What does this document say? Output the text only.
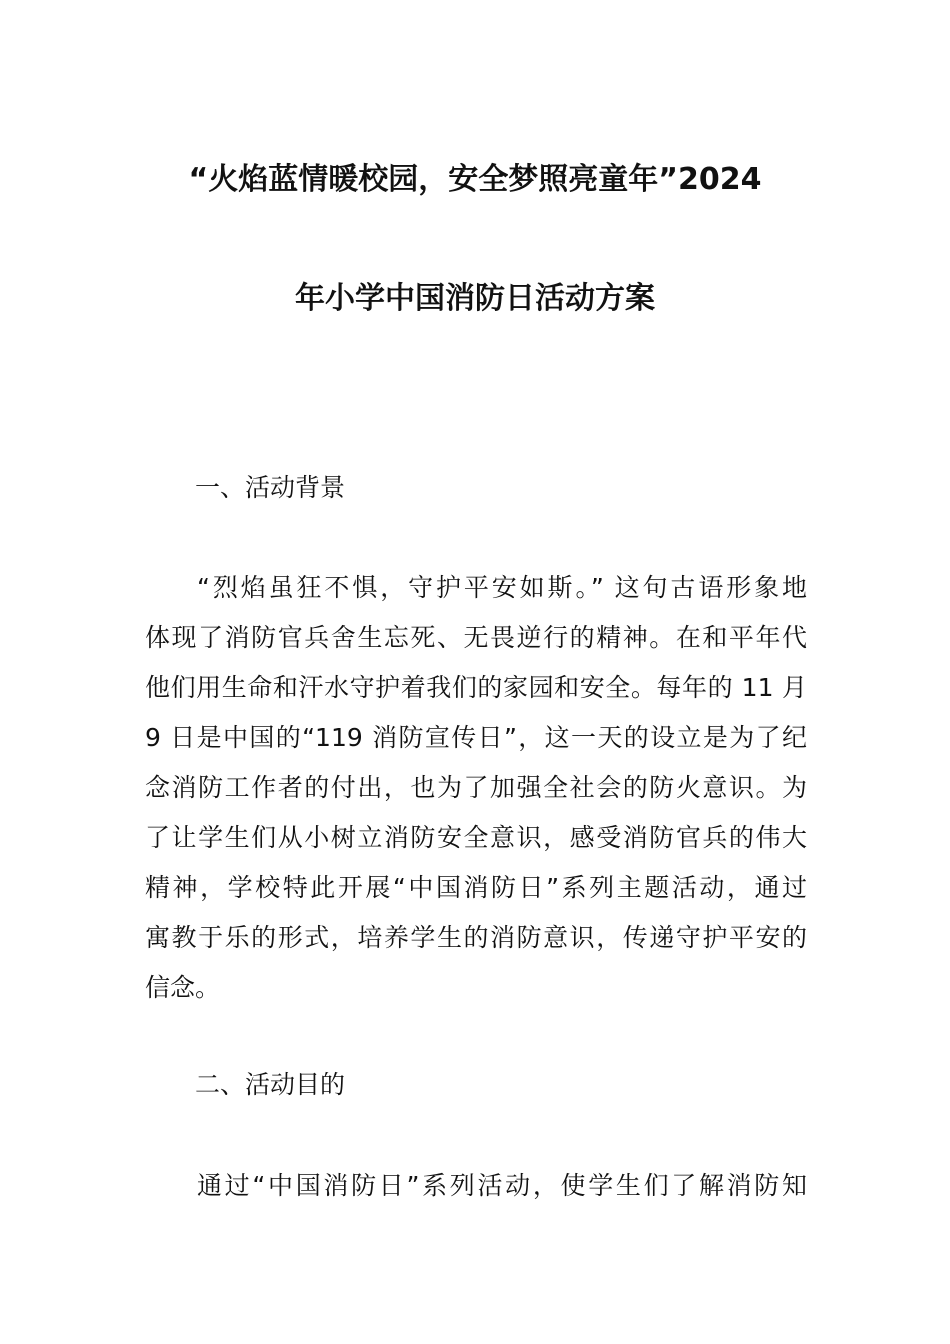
“火焰蓝情暖校园，安全梦照亮童年”2024
年小学中国消防日活动方案
一、活动背景
“烈焰虽狂不惧，守护平安如斯。” 这句古语形象地
体现了消防官兵舍生忘死、无畏逆行的精神。在和平年代
他们用生命和汗水守护着我们的家园和安全。每年的 11 月
9 日是中国的“119 消防宣传日”，这一天的设立是为了纪
念消防工作者的付出，也为了加强全社会的防火意识。为
了让学生们从小树立消防安全意识，感受消防官兵的伟大
精神，学校特此开展“中国消防日”系列主题活动，通过
寓教于乐的形式，培养学生的消防意识，传递守护平安的
信念。
二、活动目的
通过“中国消防日”系列活动，使学生们了解消防知
